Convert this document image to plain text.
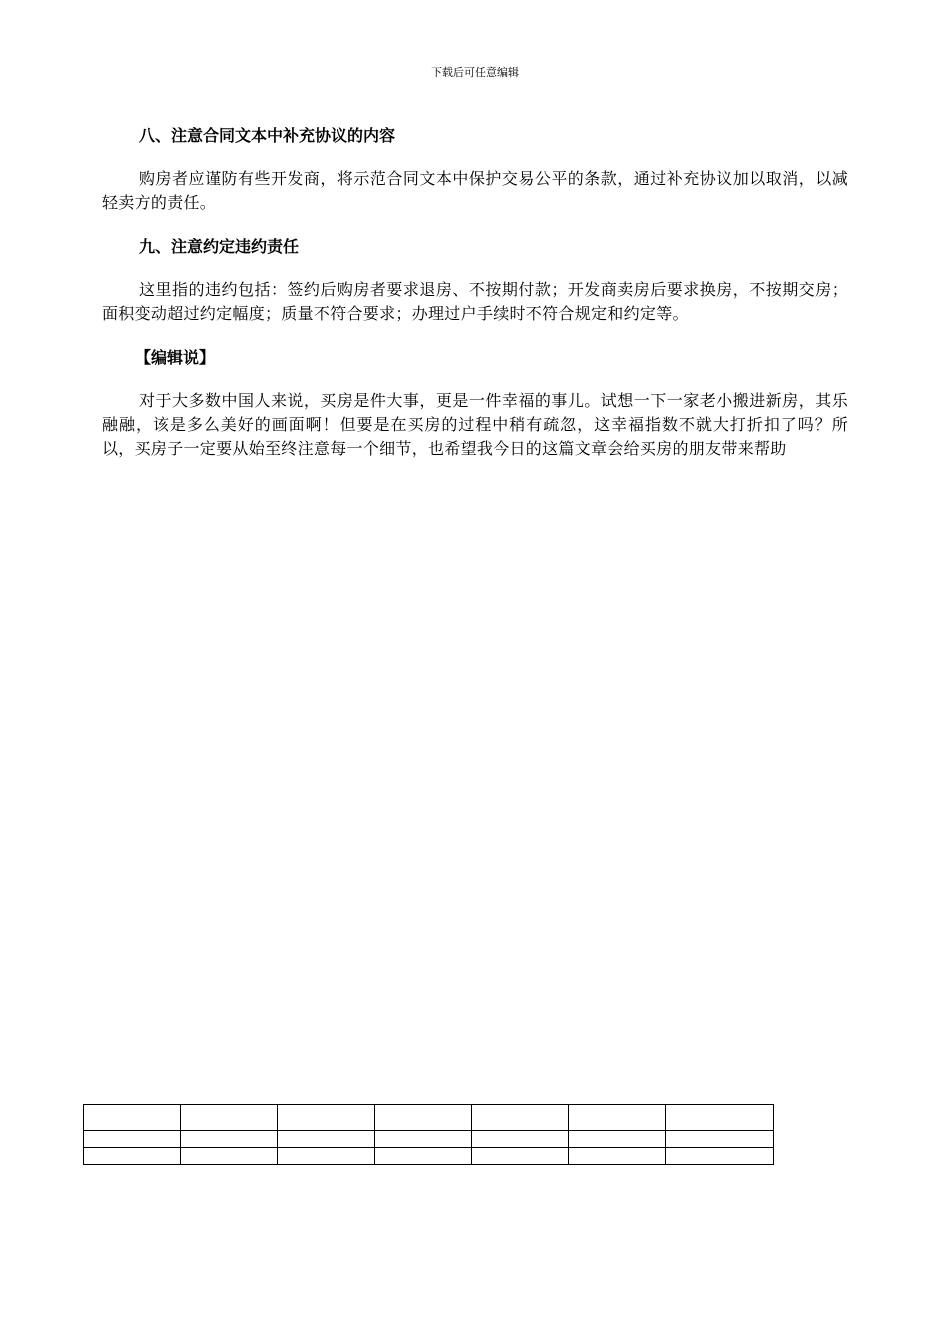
下载后可任意编辑
八、注意合同文本中补充协议的内容

购房者应谨防有些开发商，将示范合同文本中保护交易公平的条款，通过补充协议加以取消，以减轻卖方的责任。

九、注意约定违约责任

这里指的违约包括：签约后购房者要求退房、不按期付款；开发商卖房后要求换房，不按期交房；面积变动超过约定幅度；质量不符合要求；办理过户手续时不符合规定和约定等。

【编辑说】

对于大多数中国人来说，买房是件大事，更是一件幸福的事儿。试想一下一家老小搬进新房，其乐融融，该是多么美好的画面啊！但要是在买房的过程中稍有疏忽，这幸福指数不就大打折扣了吗？所以，买房子一定要从始至终注意每一个细节，也希望我今日的这篇文章会给买房的朋友带来帮助
